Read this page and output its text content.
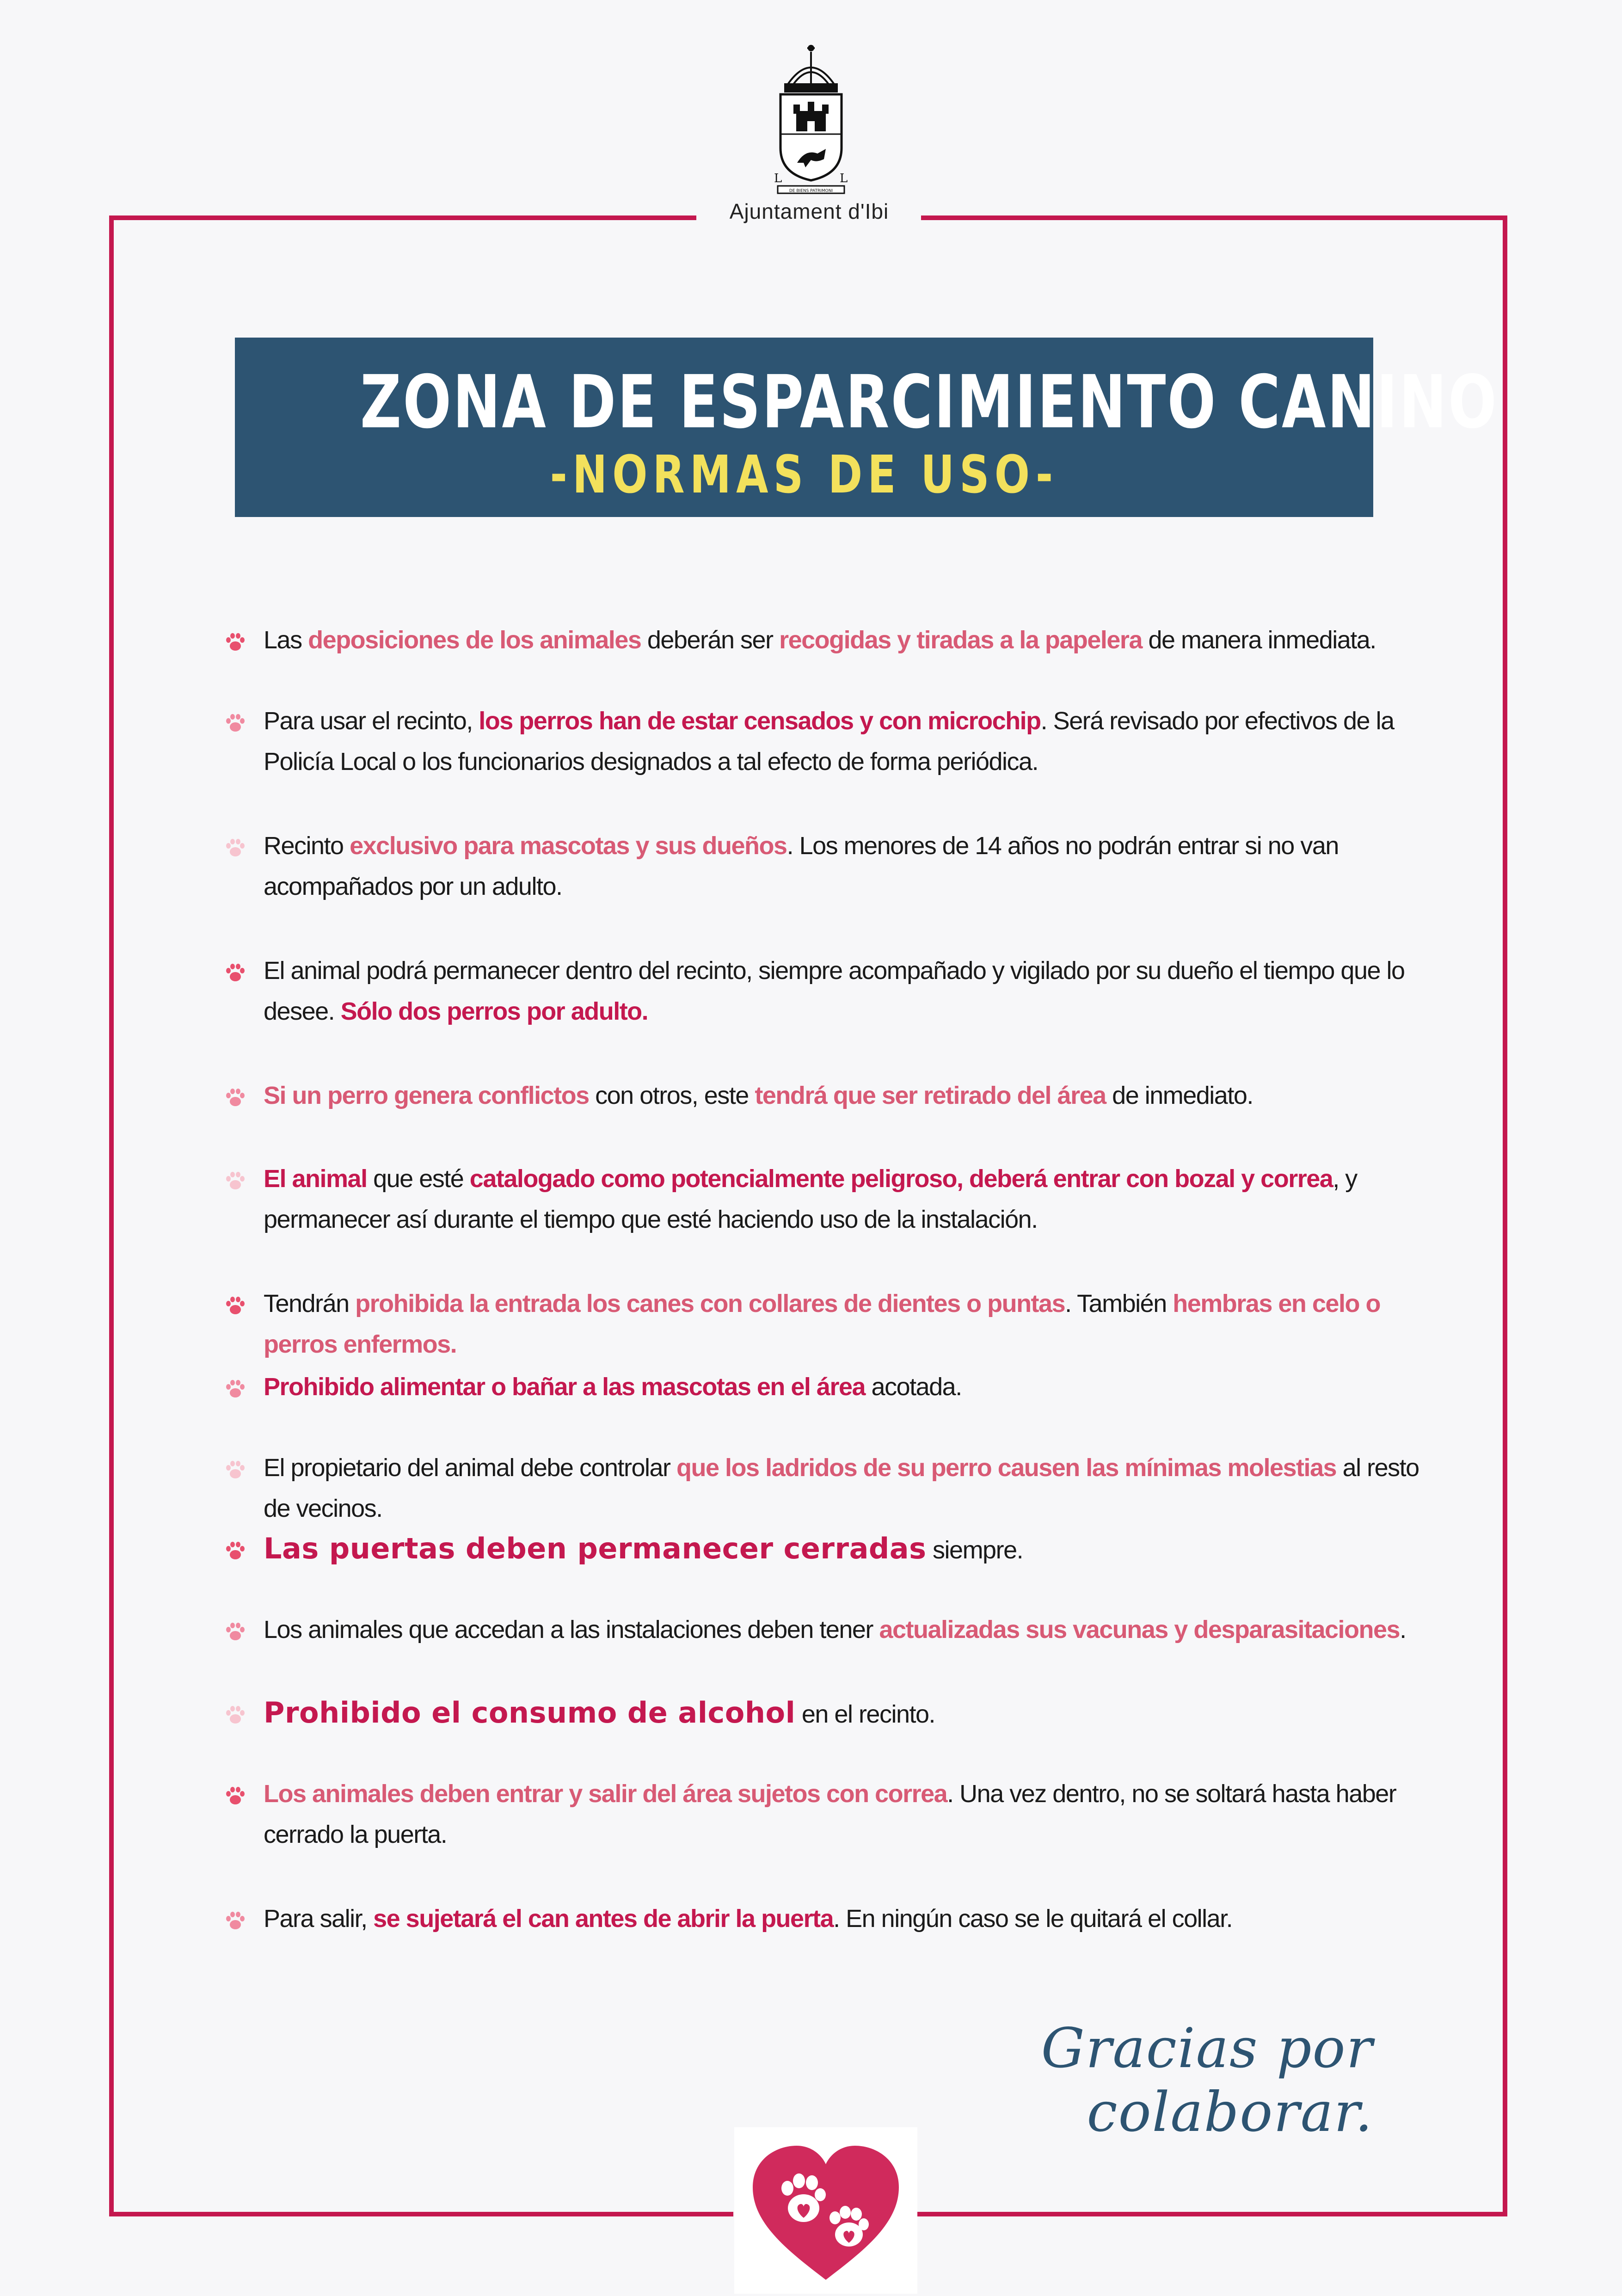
L	L
DE BIENS PATRIMONI
Ajuntament d'Ibi
ZONA DE ESPARCIMIENTO CANINO
-NORMAS DE USO-
Las deposiciones de los animales deberán ser recogidas y tiradas a la papelera de manera inmediata.
Para usar el recinto, los perros han de estar censados y con microchip. Será revisado por efectivos de la Policía Local o los funcionarios designados a tal efecto de forma periódica.
Recinto exclusivo para mascotas y sus dueños. Los menores de 14 años no podrán entrar si no van acompañados por un adulto.
El animal podrá permanecer dentro del recinto, siempre acompañado y vigilado por su dueño el tiempo que lo desee. Sólo dos perros por adulto.
Si un perro genera conflictos con otros, este tendrá que ser retirado del área de inmediato.
El animal que esté catalogado como potencialmente peligroso, deberá entrar con bozal y correa, y permanecer así durante el tiempo que esté haciendo uso de la instalación.
Tendrán prohibida la entrada los canes con collares de dientes o puntas. También hembras en celo o perros enfermos.
Prohibido alimentar o bañar a las mascotas en el área acotada.
El propietario del animal debe controlar que los ladridos de su perro causen las mínimas molestias al resto de vecinos.
Las puertas deben permanecer cerradas siempre.
Los animales que accedan a las instalaciones deben tener actualizadas sus vacunas y desparasitaciones.
Prohibido el consumo de alcohol en el recinto.
Los animales deben entrar y salir del área sujetos con correa. Una vez dentro, no se soltará hasta haber cerrado la puerta.
Para salir, se sujetará el can antes de abrir la puerta. En ningún caso se le quitará el collar.
Gracias por colaborar.
